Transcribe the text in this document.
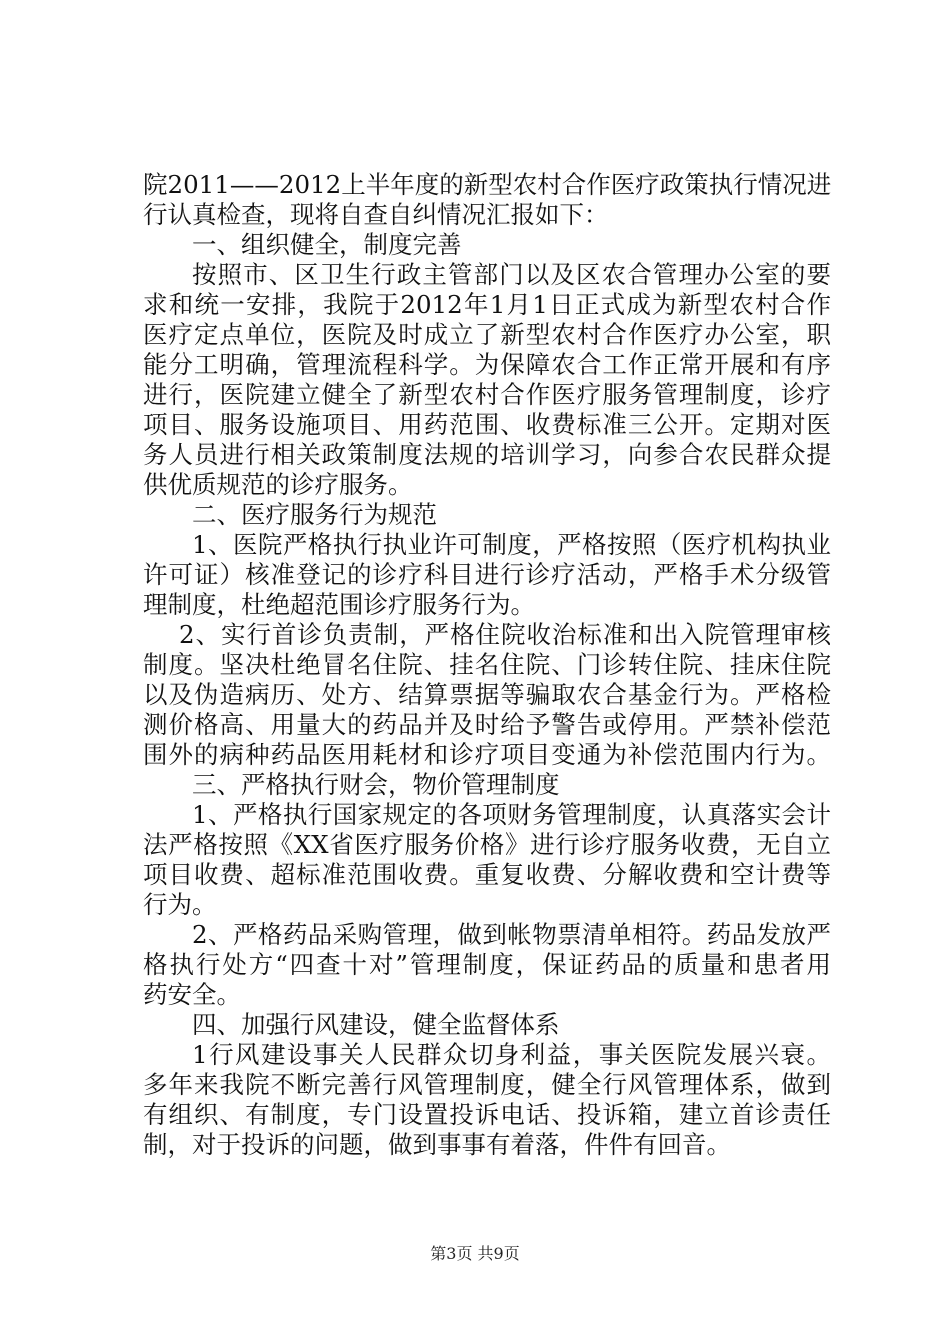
院2011——2012上半年度的新型农村合作医疗政策执行情况进
行认真检查，现将自查自纠情况汇报如下：
一、组织健全，制度完善
按照市、区卫生行政主管部门以及区农合管理办公室的要
求和统一安排，我院于2012年1月1日正式成为新型农村合作
医疗定点单位，医院及时成立了新型农村合作医疗办公室，职
能分工明确，管理流程科学。为保障农合工作正常开展和有序
进行，医院建立健全了新型农村合作医疗服务管理制度，诊疗
项目、服务设施项目、用药范围、收费标准三公开。定期对医
务人员进行相关政策制度法规的培训学习，向参合农民群众提
供优质规范的诊疗服务。
二、医疗服务行为规范
1、医院严格执行执业许可制度，严格按照（医疗机构执业
许可证）核准登记的诊疗科目进行诊疗活动，严格手术分级管
理制度，杜绝超范围诊疗服务行为。
2、实行首诊负责制，严格住院收治标准和出入院管理审核
制度。坚决杜绝冒名住院、挂名住院、门诊转住院、挂床住院
以及伪造病历、处方、结算票据等骗取农合基金行为。严格检
测价格高、用量大的药品并及时给予警告或停用。严禁补偿范
围外的病种药品医用耗材和诊疗项目变通为补偿范围内行为。
三、严格执行财会，物价管理制度
1、严格执行国家规定的各项财务管理制度，认真落实会计
法严格按照《XX省医疗服务价格》进行诊疗服务收费，无自立
项目收费、超标准范围收费。重复收费、分解收费和空计费等
行为。
2、严格药品采购管理，做到帐物票清单相符。药品发放严
格执行处方“四查十对”管理制度，保证药品的质量和患者用
药安全。
四、加强行风建设，健全监督体系
1行风建设事关人民群众切身利益，事关医院发展兴衰。
多年来我院不断完善行风管理制度，健全行风管理体系，做到
有组织、有制度，专门设置投诉电话、投诉箱，建立首诊责任
制，对于投诉的问题，做到事事有着落，件件有回音。
第3页 共9页
